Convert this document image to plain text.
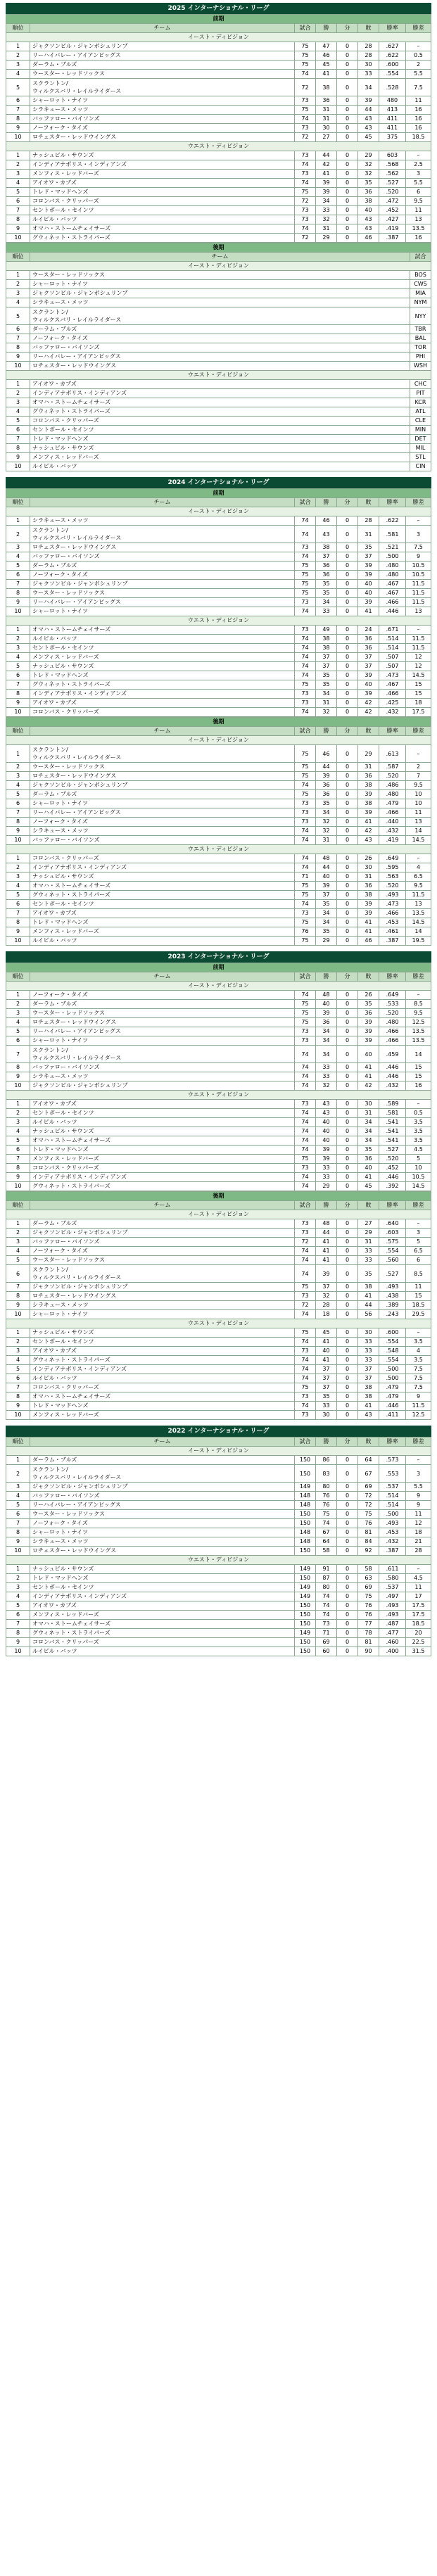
2025 インターナショナル・リーグ
前期							
順位	チーム	試合	勝	分	敗	勝率	勝差
イースト・ディビジョン							
1	ジャクソンビル・ジャンボシュリンプ	75	47	0	28	.627	–
2	リーハイバレー・アイアンピッグス	75	46	0	28	.622	0.5
3	ダーラム・ブルズ	75	45	0	30	.600	2
4	ウースター・レッドソックス	74	41	0	33	.554	5.5
5	スクラントン/
ウィルクスバリ・レイルライダース	72	38	0	34	.528	7.5
6	シャーロット・ナイツ	73	36	0	39	480	11
7	シラキュース・メッツ	75	31	0	44	413	16
8	バッファロー・バイソンズ	74	31	0	43	411	16
9	ノーフォーク・タイズ	73	30	0	43	411	16
10	ロチェスター・レッドウイングス	72	27	0	45	375	18.5
ウエスト・ディビジョン							
1	ナッシュビル・サウンズ	73	44	0	29	603	–
2	インディアナポリス・インディアンズ	74	42	0	32	.568	2.5
3	メンフィス・レッドバーズ	73	41	0	32	.562	3
4	アイオワ・カブズ	74	39	0	35	.527	5.5
5	トレド・マッドヘンズ	75	39	0	36	.520	6
6	コロンバス・クリッパーズ	72	34	0	38	.472	9.5
7	セントポール・セインツ	73	33	0	40	.452	11
8	ルイビル・バッツ	73	32	0	43	.427	13
9	オマハ・ストームチェイサーズ	74	31	0	43	.419	13.5
10	グウィネット・ストライパーズ	72	29	0	46	.387	16
後期		
順位	チーム	試合
イースト・ディビジョン		
1	ウースター・レッドソックス	BOS
2	シャーロット・ナイツ	CWS
3	ジャクソンビル・ジャンボシュリンプ	MIA
4	シラキュース・メッツ	NYM
5	スクラントン/
ウィルクスバリ・レイルライダース	NYY
6	ダーラム・ブルズ	TBR
7	ノーフォーク・タイズ	BAL
8	バッファロー・バイソンズ	TOR
9	リーハイバレー・アイアンピッグス	PHI
10	ロチェスター・レッドウイングス	WSH
ウエスト・ディビジョン		
1	アイオワ・カブズ	CHC
2	インディアナポリス・インディアンズ	PIT
3	オマハ・ストームチェイサーズ	KCR
4	グウィネット・ストライパーズ	ATL
5	コロンバス・クリッパーズ	CLE
6	セントポール・セインツ	MIN
7	トレド・マッドヘンズ	DET
8	ナッシュビル・サウンズ	MIL
9	メンフィス・レッドバーズ	STL
10	ルイビル・バッツ	CIN
2024 インターナショナル・リーグ
前期							
順位	チーム	試合	勝	分	敗	勝率	勝差
イースト・ディビジョン							
1	シラキュース・メッツ	74	46	0	28	.622	–
2	スクラントン/
ウィルクスバリ・レイルライダース	74	43	0	31	.581	3
3	ロチェスター・レッドウイングス	73	38	0	35	.521	7.5
4	バッファロー・バイソンズ	74	37	0	37	.500	9
5	ダーラム・ブルズ	75	36	0	39	.480	10.5
6	ノーフォーク・タイズ	75	36	0	39	.480	10.5
7	ジャクソンビル・ジャンボシュリンプ	75	35	0	40	.467	11.5
8	ウースター・レッドソックス	75	35	0	40	.467	11.5
9	リーハイバレー・アイアンピッグス	73	34	0	39	.466	11.5
10	シャーロット・ナイツ	74	33	0	41	.446	13
ウエスト・ディビジョン							
1	オマハ・ストームチェイサーズ	73	49	0	24	.671	–
2	ルイビル・バッツ	74	38	0	36	.514	11.5
3	セントポール・セインツ	74	38	0	36	.514	11.5
4	メンフィス・レッドバーズ	74	37	0	37	.507	12
5	ナッシュビル・サウンズ	74	37	0	37	.507	12
6	トレド・マッドヘンズ	74	35	0	39	.473	14.5
7	グウィネット・ストライパーズ	75	35	0	40	.467	15
8	インディアナポリス・インディアンズ	73	34	0	39	.466	15
9	アイオワ・カブズ	73	31	0	42	.425	18
10	コロンバス・クリッパーズ	74	32	0	42	.432	17.5
後期							
順位	チーム	試合	勝	分	敗	勝率	勝差
イースト・ディビジョン							
1	スクラントン/
ウィルクスバリ・レイルライダース	75	46	0	29	.613	–
2	ウースター・レッドソックス	75	44	0	31	.587	2
3	ロチェスター・レッドウイングス	75	39	0	36	.520	7
4	ジャクソンビル・ジャンボシュリンプ	74	36	0	38	.486	9.5
5	ダーラム・ブルズ	75	36	0	39	.480	10
6	シャーロット・ナイツ	73	35	0	38	.479	10
7	リーハイバレー・アイアンピッグス	73	34	0	39	.466	11
8	ノーフォーク・タイズ	73	32	0	41	.440	13
9	シラキュース・メッツ	74	32	0	42	.432	14
10	バッファロー・バイソンズ	74	31	0	43	.419	14.5
ウエスト・ディビジョン							
1	コロンバス・クリッパーズ	74	48	0	26	.649	–
2	インディアナポリス・インディアンズ	74	44	0	30	.595	4
3	ナッシュビル・サウンズ	71	40	0	31	.563	6.5
4	オマハ・ストームチェイサーズ	75	39	0	36	.520	9.5
5	グウィネット・ストライパーズ	75	37	0	38	.493	11.5
6	セントポール・セインツ	74	35	0	39	.473	13
7	アイオワ・カブズ	73	34	0	39	.466	13.5
8	トレド・マッドヘンズ	75	34	0	41	.453	14.5
9	メンフィス・レッドバーズ	76	35	0	41	.461	14
10	ルイビル・バッツ	75	29	0	46	.387	19.5
2023 インターナショナル・リーグ
前期							
順位	チーム	試合	勝	分	敗	勝率	勝差
イースト・ディビジョン							
1	ノーフォーク・タイズ	74	48	0	26	.649	–
2	ダーラム・ブルズ	75	40	0	35	.533	8.5
3	ウースター・レッドソックス	75	39	0	36	.520	9.5
4	ロチェスター・レッドウイングス	75	36	0	39	.480	12.5
5	リーハイバレー・アイアンピッグス	73	34	0	39	.466	13.5
6	シャーロット・ナイツ	73	34	0	39	.466	13.5
7	スクラントン/
ウィルクスバリ・レイルライダース	74	34	0	40	.459	14
8	バッファロー・バイソンズ	74	33	0	41	.446	15
9	シラキュース・メッツ	74	33	0	41	.446	15
10	ジャクソンビル・ジャンボシュリンプ	74	32	0	42	.432	16
ウエスト・ディビジョン							
1	アイオワ・カブズ	73	43	0	30	.589	–
2	セントポール・セインツ	74	43	0	31	.581	0.5
3	ルイビル・バッツ	74	40	0	34	.541	3.5
4	ナッシュビル・サウンズ	74	40	0	34	.541	3.5
5	オマハ・ストームチェイサーズ	74	40	0	34	.541	3.5
6	トレド・マッドヘンズ	74	39	0	35	.527	4.5
7	メンフィス・レッドバーズ	75	39	0	36	.520	5
8	コロンバス・クリッパーズ	73	33	0	40	.452	10
9	インディアナポリス・インディアンズ	74	33	0	41	.446	10.5
10	グウィネット・ストライパーズ	74	29	0	45	.392	14.5
後期							
順位	チーム	試合	勝	分	敗	勝率	勝差
イースト・ディビジョン							
1	ダーラム・ブルズ	73	48	0	27	.640	–
2	ジャクソンビル・ジャンボシュリンプ	73	44	0	29	.603	3
3	バッファロー・バイソンズ	72	41	0	31	.575	5
4	ノーフォーク・タイズ	74	41	0	33	.554	6.5
5	ウースター・レッドソックス	74	41	0	33	.560	6
6	スクラントン/
ウィルクスバリ・レイルライダース	74	39	0	35	.527	8.5
7	ジャクソンビル・ジャンボシュリンプ	75	37	0	38	.493	11
8	ロチェスター・レッドウイングス	73	32	0	41	.438	15
9	シラキュース・メッツ	72	28	0	44	.389	18.5
10	シャーロット・ナイツ	74	18	0	56	.243	29.5
ウエスト・ディビジョン							
1	ナッシュビル・サウンズ	75	45	0	30	.600	–
2	セントポール・セインツ	74	41	0	33	.554	3.5
3	アイオワ・カブズ	73	40	0	33	.548	4
4	グウィネット・ストライパーズ	74	41	0	33	.554	3.5
5	インディアナポリス・インディアンズ	74	37	0	37	.500	7.5
6	ルイビル・バッツ	74	37	0	37	.500	7.5
7	コロンバス・クリッパーズ	75	37	0	38	.479	7.5
8	オマハ・ストームチェイサーズ	73	35	0	38	.479	9
9	トレド・マッドヘンズ	74	33	0	41	.446	11.5
10	メンフィス・レッドバーズ	73	30	0	43	.411	12.5
2022 インターナショナル・リーグ
順位	チーム	試合	勝	分	敗	勝率	勝差
イースト・ディビジョン							
1	ダーラム・ブルズ	150	86	0	64	.573	–
2	スクラントン/
ウィルクスバリ・レイルライダース	150	83	0	67	.553	3
3	ジャクソンビル・ジャンボシュリンプ	149	80	0	69	.537	5.5
4	バッファロー・バイソンズ	148	76	0	72	.514	9
5	リーハイバレー・アイアンピッグス	148	76	0	72	.514	9
6	ウースター・レッドソックス	150	75	0	75	.500	11
7	ノーフォーク・タイズ	150	74	0	76	.493	12
8	シャーロット・ナイツ	148	67	0	81	.453	18
9	シラキュース・メッツ	148	64	0	84	.432	21
10	ロチェスター・レッドウイングス	150	58	0	92	.387	28
ウエスト・ディビジョン							
1	ナッシュビル・サウンズ	149	91	0	58	.611	–
2	トレド・マッドヘンズ	150	87	0	63	.580	4.5
3	セントポール・セインツ	149	80	0	69	.537	11
4	インディアナポリス・インディアンズ	149	74	0	75	.497	17
5	アイオワ・カブズ	150	74	0	76	.493	17.5
6	メンフィス・レッドバーズ	150	74	0	76	.493	17.5
7	オマハ・ストームチェイサーズ	150	73	0	77	.487	18.5
8	グウィネット・ストライパーズ	149	71	0	78	.477	20
9	コロンバス・クリッパーズ	150	69	0	81	.460	22.5
10	ルイビル・バッツ	150	60	0	90	.400	31.5
